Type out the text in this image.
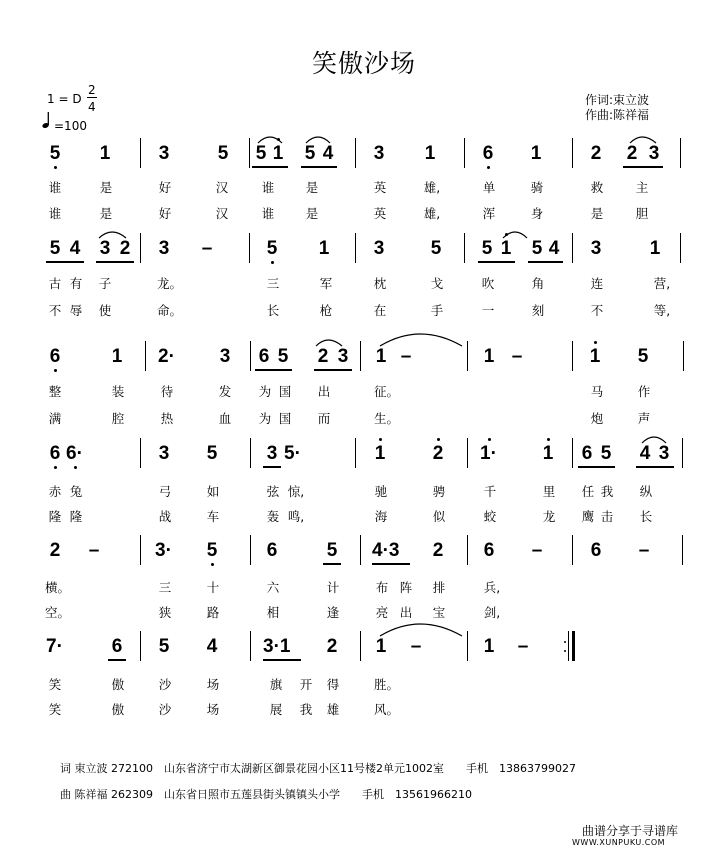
笑傲沙场
1 = D
2
4
=100
作词:束立波
作曲:陈祥福
5 1	3	5 5 1 5 4 3 1 6 1	2 2 3
谁	是	好	汉	谁	是	英	雄,	单	骑	救	主
谁	是	好	汉	谁	是	英	雄,	浑	身	是	胆
5 4 3 2 3 –	5 1 3 5 5 1 5 4 3	1
古 有	子	龙。	三	军	枕	戈	吹	角	连	营,
不 辱	使	命。	长	枪	在	手	一	刻	不	等,
6	1 2·	3 6 5 2 3 1 –	1 –	1 5
整	装	待	发	为 国	出	征。	马	作
满	腔	热	血	为 国	而	生。	炮	声
6 6·	3 5	3 5·	1 2 1·	1 6 5 4 3
赤 兔	弓	如	弦 惊,	驰	骋	千	里	任 我	纵
隆 隆	战	车	轰 鸣,	海	似	蛟	龙	鹰 击	长
2 –	3·	5	6	5 4·3	2 6 –	6 –
横。	三	十	六	计	布 阵	排	兵,
空。	狭	路	相	逢	亮 出	宝	剑,
7·	6 5 4 3·1	2 1 –	1 –
笑	傲	沙	场	旗	开	得	胜。
笑	傲	沙	场	展	我	雄	风。
词 束立波 272100　山东省济宁市太湖新区御景花园小区11号楼2单元1002室　　手机　13863799027
曲 陈祥福 262309　山东省日照市五莲县街头镇镇头小学　　手机　13561966210
曲谱分享于寻谱库
WWW.XUNPUKU.COM
